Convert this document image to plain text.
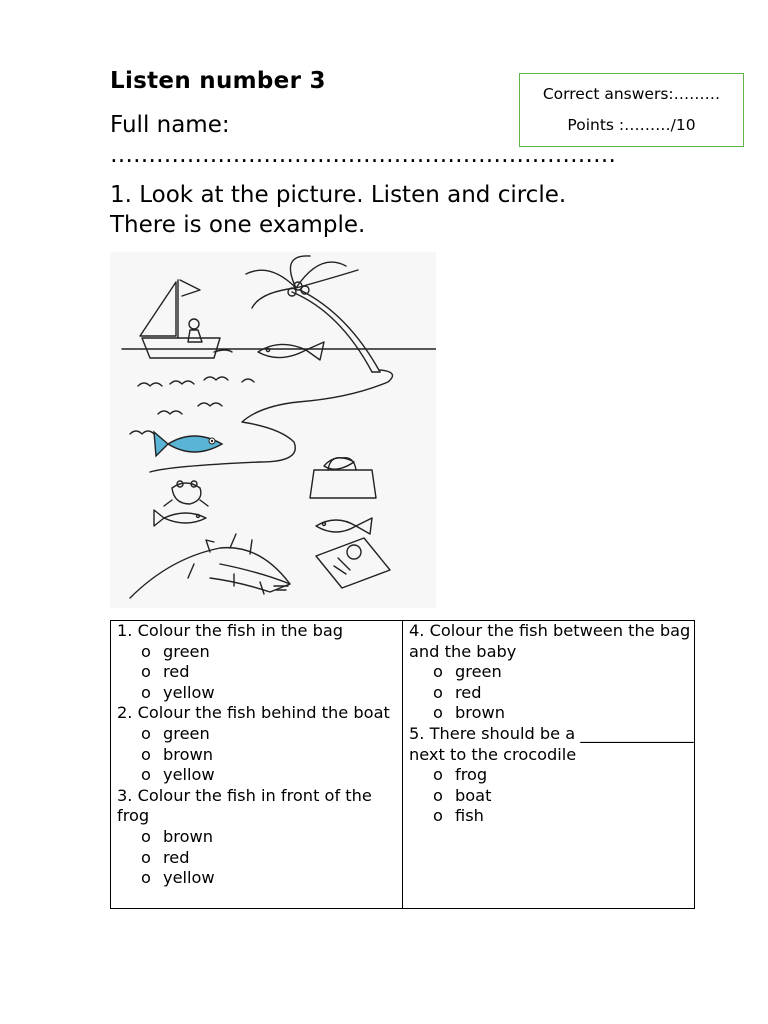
Listen number 3	Correct answers:………
Points :………/10
Full name:
…………………………………………………………
1. Look at the picture. Listen and circle.
There is one example.

1. Colour the fish in the bag

o green
o red
o yellow

2. Colour the fish behind the boat

o green
o brown
o yellow

3. Colour the fish in front of the frog

o brown
o red
o yellow

4. Colour the fish between the bag and the baby

o green
o red
o brown

5. There should be a ______________ next to the crocodile

o frog
o boat
o fish
